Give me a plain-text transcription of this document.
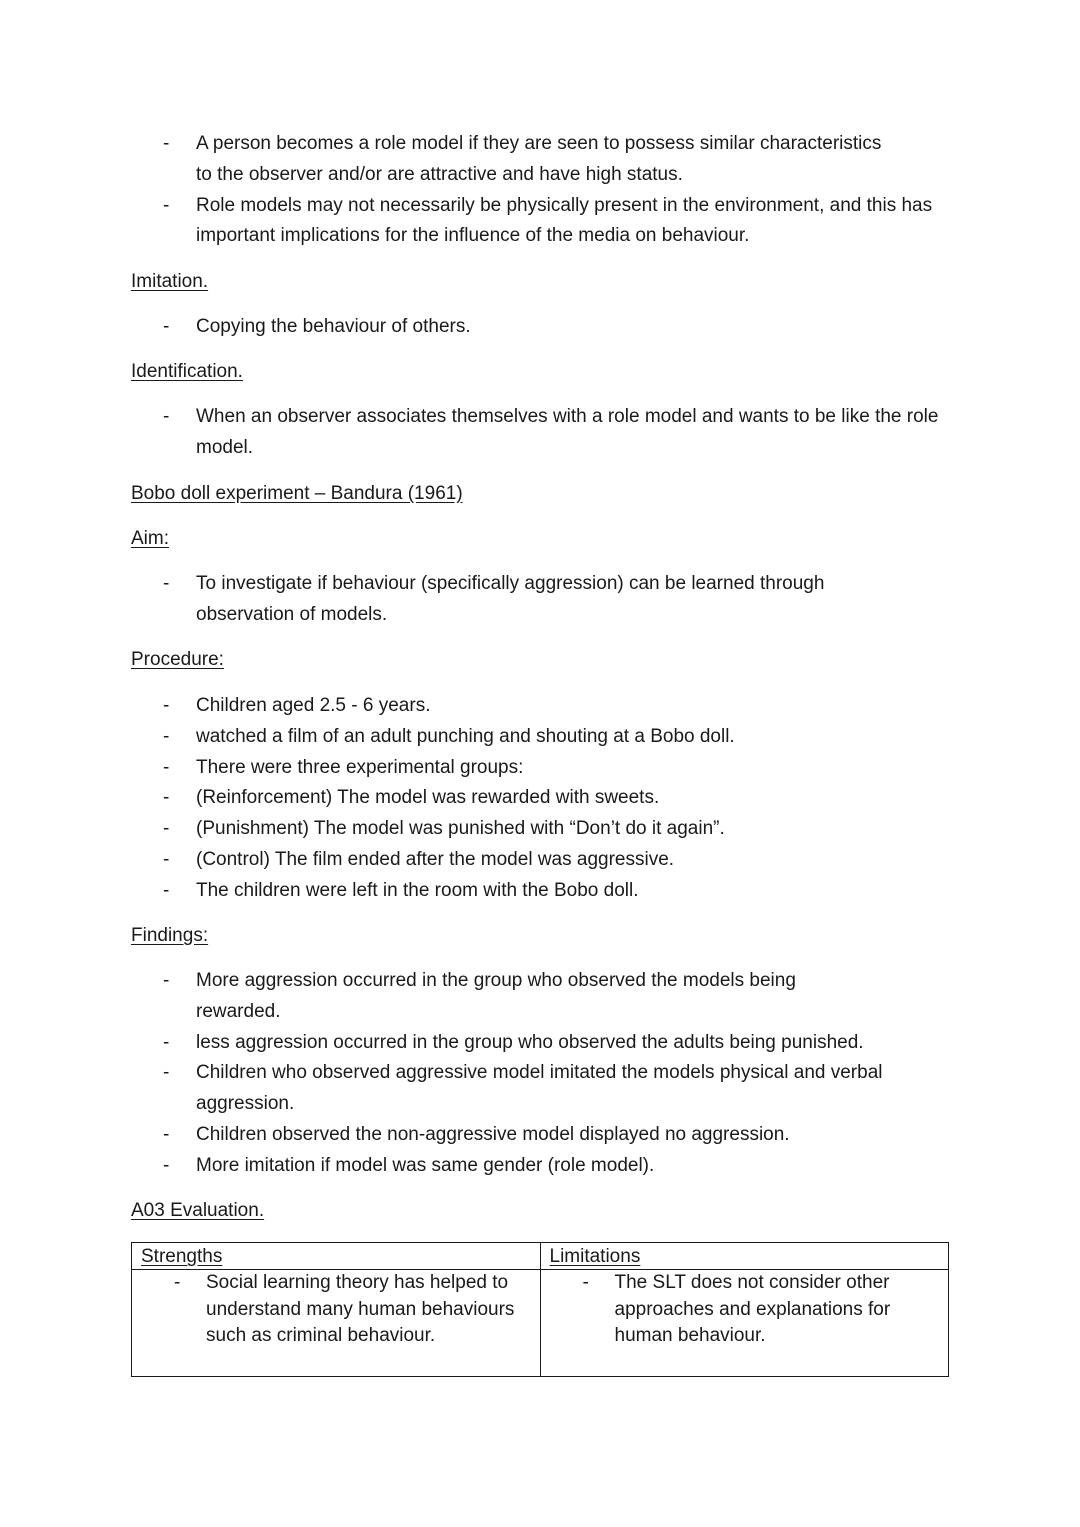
- A person becomes a role model if they are seen to possess similar characteristics to the observer and/or are attractive and have high status.
- Role models may not necessarily be physically present in the environment, and this has important implications for the influence of the media on behaviour.
Imitation.
- Copying the behaviour of others.
Identification.
- When an observer associates themselves with a role model and wants to be like the role model.
Bobo doll experiment – Bandura (1961)
Aim:
- To investigate if behaviour (specifically aggression) can be learned through observation of models.
Procedure:
- Children aged 2.5 - 6 years.
- watched a film of an adult punching and shouting at a Bobo doll.
- There were three experimental groups:
- (Reinforcement) The model was rewarded with sweets.
- (Punishment) The model was punished with “Don’t do it again”.
- (Control) The film ended after the model was aggressive.
- The children were left in the room with the Bobo doll.
Findings:
- More aggression occurred in the group who observed the models being rewarded.
- less aggression occurred in the group who observed the adults being punished.
- Children who observed aggressive model imitated the models physical and verbal aggression.
- Children observed the non-aggressive model displayed no aggression.
- More imitation if model was same gender (role model).
A03 Evaluation.
Strengths
- Social learning theory has helped to understand many human behaviours such as criminal behaviour.
Limitations
- The SLT does not consider other approaches and explanations for human behaviour.
